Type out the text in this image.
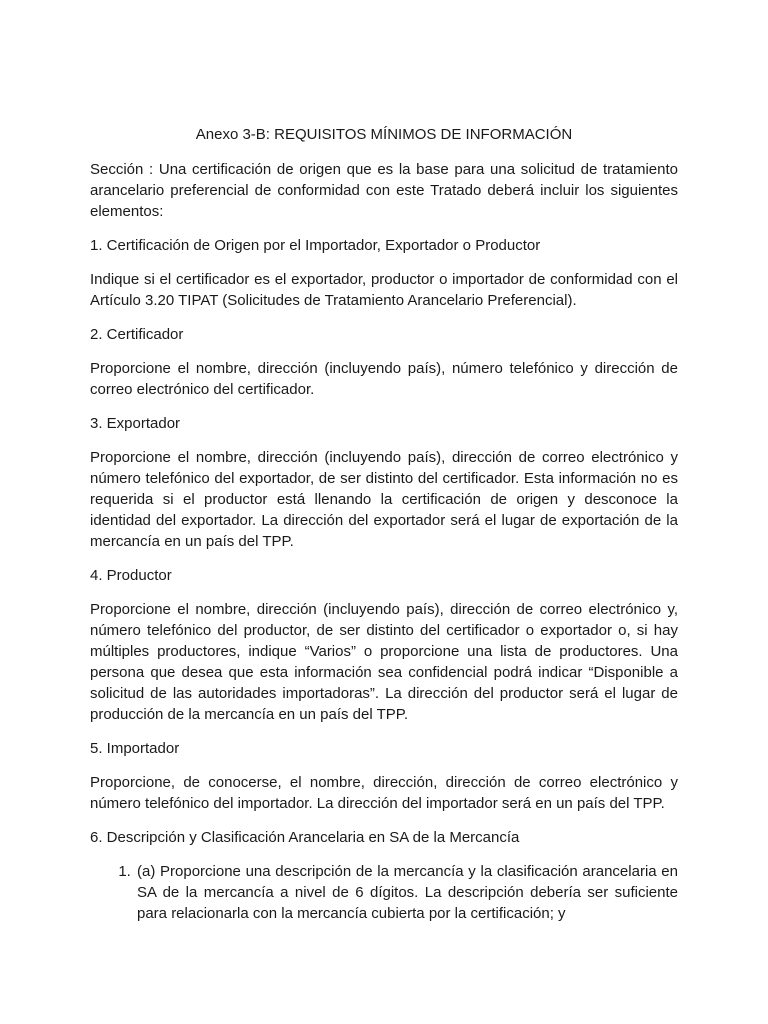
Anexo 3-B: REQUISITOS MÍNIMOS DE INFORMACIÓN

Sección : Una certificación de origen que es la base para una solicitud de tratamiento arancelario preferencial de conformidad con este Tratado deberá incluir los siguientes elementos:

1. Certificación de Origen por el Importador, Exportador o Productor

Indique si el certificador es el exportador, productor o importador de conformidad con el Artículo 3.20 TIPAT (Solicitudes de Tratamiento Arancelario Preferencial).

2. Certificador

Proporcione el nombre, dirección (incluyendo país), número telefónico y dirección de correo electrónico del certificador.

3. Exportador

Proporcione el nombre, dirección (incluyendo país), dirección de correo electrónico y número telefónico del exportador, de ser distinto del certificador. Esta información no es requerida si el productor está llenando la certificación de origen y desconoce la identidad del exportador. La dirección del exportador será el lugar de exportación de la mercancía en un país del TPP.

4. Productor

Proporcione el nombre, dirección (incluyendo país), dirección de correo electrónico y, número telefónico del productor, de ser distinto del certificador o exportador o, si hay múltiples productores, indique “Varios” o proporcione una lista de productores. Una persona que desea que esta información sea confidencial podrá indicar “Disponible a solicitud de las autoridades importadoras”. La dirección del productor será el lugar de producción de la mercancía en un país del TPP.

5. Importador

Proporcione, de conocerse, el nombre, dirección, dirección de correo electrónico y número telefónico del importador. La dirección del importador será en un país del TPP.

6. Descripción y Clasificación Arancelaria en SA de la Mercancía

1. (a) Proporcione una descripción de la mercancía y la clasificación arancelaria en SA de la mercancía a nivel de 6 dígitos. La descripción debería ser suficiente para relacionarla con la mercancía cubierta por la certificación; y
